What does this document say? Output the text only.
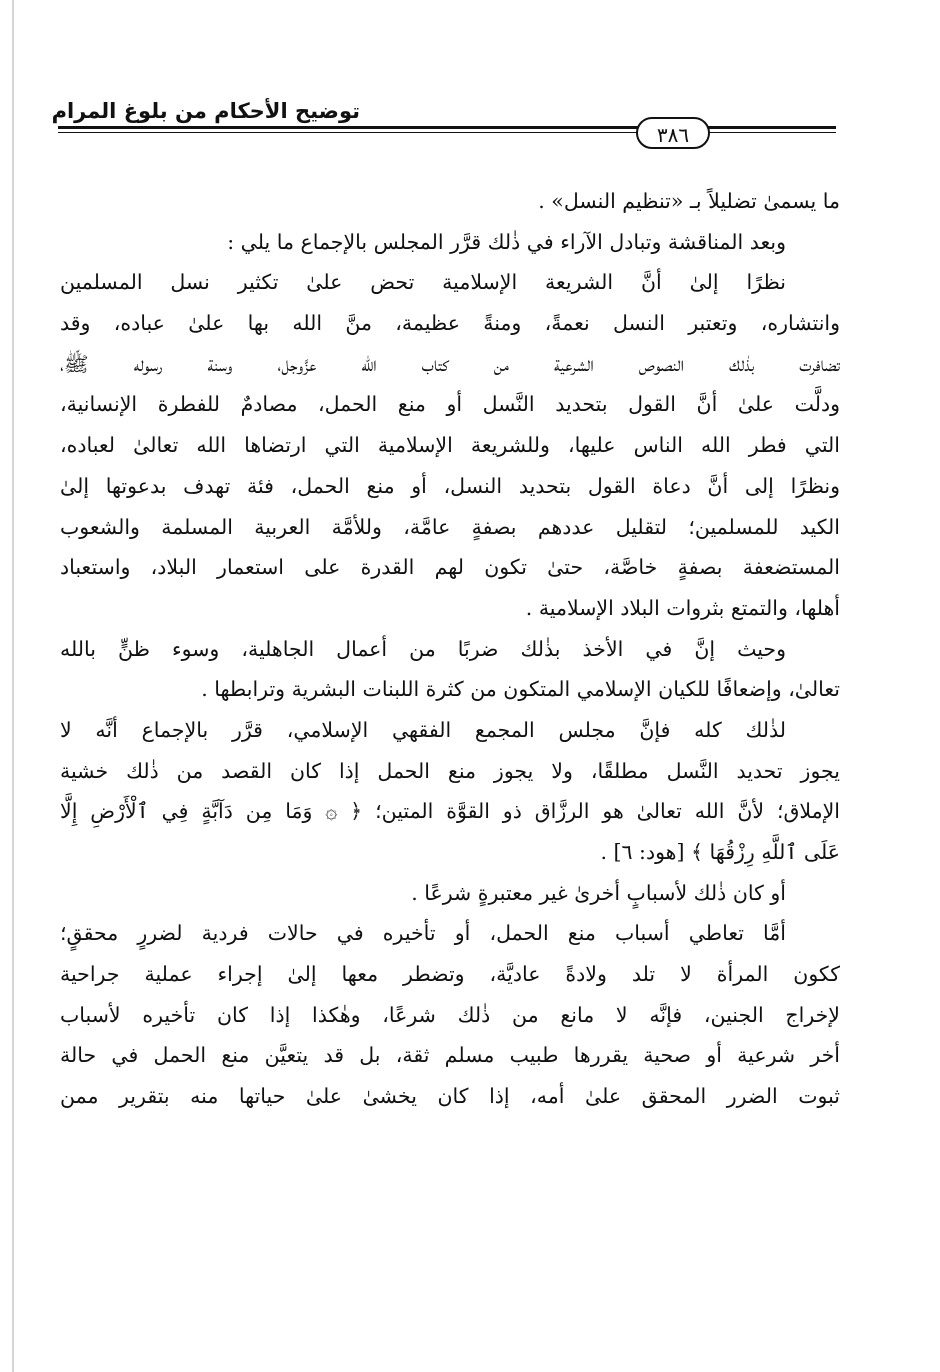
توضيح الأحكام من بلوغ المرام
٣٨٦
ما يسمىٰ تضليلاً بـ «تنظيم النسل» .
وبعد المناقشة وتبادل الآراء في ذٰلك قرَّر المجلس بالإجماع ما يلي :
نظرًا إلىٰ أنَّ الشريعة الإسلامية تحض علىٰ تكثير نسل المسلمين
وانتشاره، وتعتبر النسل نعمةً، ومنةً عظيمة، منَّ الله بها علىٰ عباده، وقد
تضافرت بذٰلك النصوص الشرعية من كتاب الله عزَّوجل، وسنة رسوله ﷺ،
ودلَّت علىٰ أنَّ القول بتحديد النَّسل أو منع الحمل، مصادمٌ للفطرة الإنسانية،
التي فطر الله الناس عليها، وللشريعة الإسلامية التي ارتضاها الله تعالىٰ لعباده،
ونظرًا إلى أنَّ دعاة القول بتحديد النسل، أو منع الحمل، فئة تهدف بدعوتها إلىٰ
الكيد للمسلمين؛ لتقليل عددهم بصفةٍ عامَّة، وللأمَّة العربية المسلمة والشعوب
المستضعفة بصفةٍ خاصَّة، حتىٰ تكون لهم القدرة على استعمار البلاد، واستعباد
أهلها، والتمتع بثروات البلاد الإسلامية .
وحيث إنَّ في الأخذ بذٰلك ضربًا من أعمال الجاهلية، وسوء ظنٍّ بالله
تعالىٰ، وإضعافًا للكيان الإسلامي المتكون من كثرة اللبنات البشرية وترابطها .
لذٰلك كله فإنَّ مجلس المجمع الفقهي الإسلامي، قرَّر بالإجماع أنَّه لا
يجوز تحديد النَّسل مطلقًا، ولا يجوز منع الحمل إذا كان القصد من ذٰلك خشية
الإملاق؛ لأنَّ الله تعالىٰ هو الرزَّاق ذو القوَّة المتين؛ ﴿ ۞ وَمَا مِن دَآبَّةٍ فِي ٱلْأَرْضِ إِلَّا
عَلَى ٱللَّهِ رِزْقُهَا ﴾ [هود: ٦] .
أو كان ذٰلك لأسبابٍ أخرىٰ غير معتبرةٍ شرعًا .
أمَّا تعاطي أسباب منع الحمل، أو تأخيره في حالات فردية لضررٍ محققٍ؛
ككون المرأة لا تلد ولادةً عاديَّة، وتضطر معها إلىٰ إجراء عملية جراحية
لإخراج الجنين، فإنَّه لا مانع من ذٰلك شرعًا، وهٰكذا إذا كان تأخيره لأسباب
أخر شرعية أو صحية يقررها طبيب مسلم ثقة، بل قد يتعيَّن منع الحمل في حالة
ثبوت الضرر المحقق علىٰ أمه، إذا كان يخشىٰ علىٰ حياتها منه بتقرير ممن
